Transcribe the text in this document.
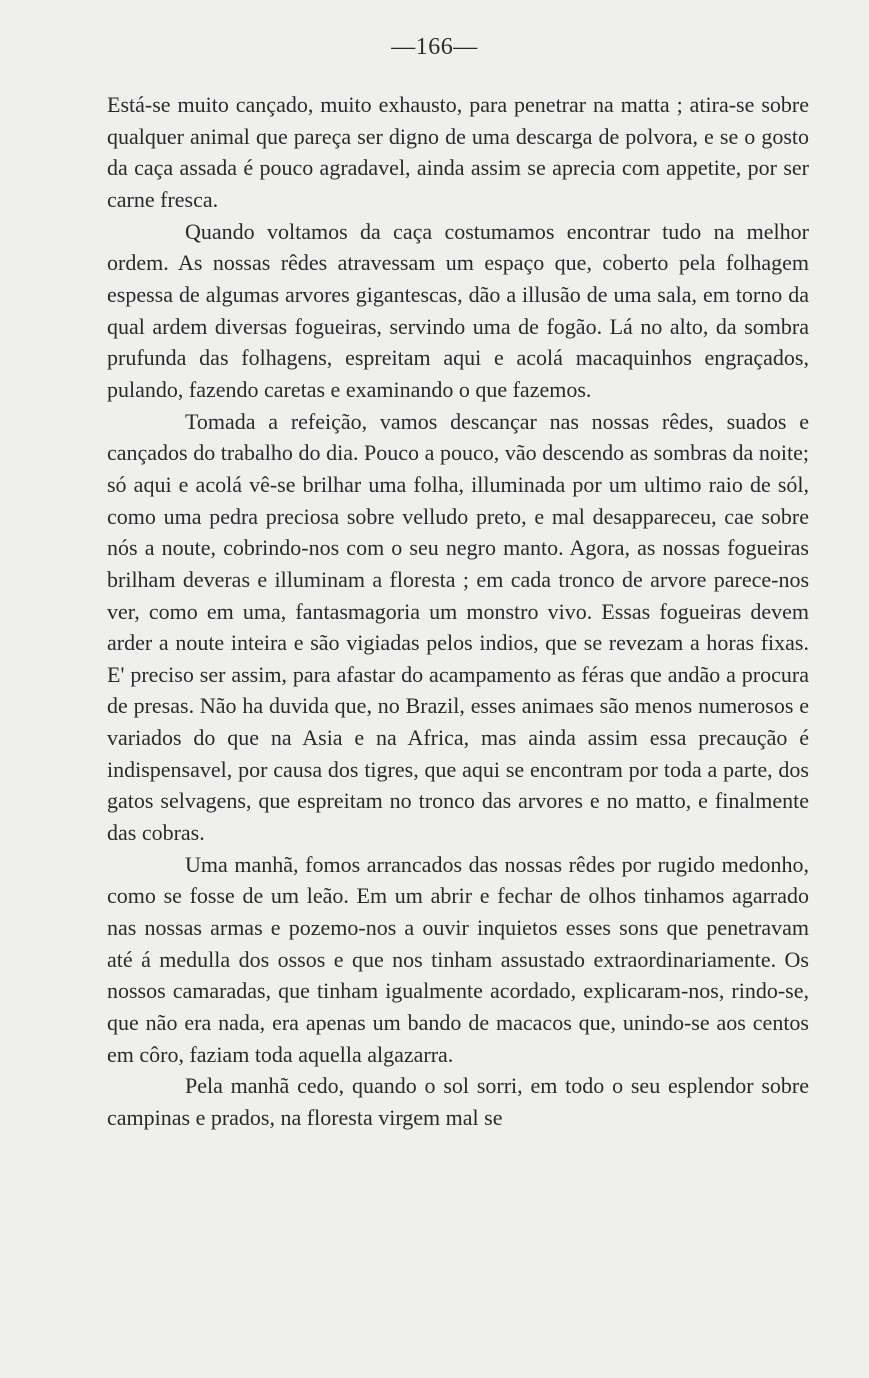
—166—

Está-se muito cançado, muito exhausto, para penetrar na matta ; atira-se sobre qualquer animal que pareça ser digno de uma descarga de polvora, e se o gosto da caça assada é pouco agradavel, ainda assim se aprecia com appetite, por ser carne fresca.

Quando voltamos da caça costumamos encontrar tudo na melhor ordem. As nossas rêdes atravessam um espaço que, coberto pela folhagem espessa de algumas arvores gigantescas, dão a illusão de uma sala, em torno da qual ardem diversas fogueiras, servindo uma de fogão. Lá no alto, da sombra prufunda das folhagens, espreitam aqui e acolá macaquinhos engraçados, pulando, fazendo caretas e examinando o que fazemos.

Tomada a refeição, vamos descançar nas nossas rêdes, suados e cançados do trabalho do dia. Pouco a pouco, vão descendo as sombras da noite; só aqui e acolá vê-se brilhar uma folha, illuminada por um ultimo raio de sól, como uma pedra preciosa sobre velludo preto, e mal desappareceu, cae sobre nós a noute, cobrindo-nos com o seu negro manto. Agora, as nossas fogueiras brilham deveras e illuminam a floresta ; em cada tronco de arvore parece-nos ver, como em uma, fantasmagoria um monstro vivo. Essas fogueiras devem arder a noute inteira e são vigiadas pelos indios, que se revezam a horas fixas. E' preciso ser assim, para afastar do acampamento as féras que andão a procura de presas. Não ha duvida que, no Brazil, esses animaes são menos numerosos e variados do que na Asia e na Africa, mas ainda assim essa precaução é indispensavel, por causa dos tigres, que aqui se encontram por toda a parte, dos gatos selvagens, que espreitam no tronco das arvores e no matto, e finalmente das cobras.

Uma manhã, fomos arrancados das nossas rêdes por rugido medonho, como se fosse de um leão. Em um abrir e fechar de olhos tinhamos agarrado nas nossas armas e pozemo-nos a ouvir inquietos esses sons que penetravam até á medulla dos ossos e que nos tinham assustado extraordinariamente. Os nossos camaradas, que tinham igualmente acordado, explicaram-nos, rindo-se, que não era nada, era apenas um bando de macacos que, unindo-se aos centos em côro, faziam toda aquella algazarra.

Pela manhã cedo, quando o sol sorri, em todo o seu esplendor sobre campinas e prados, na floresta virgem mal se
